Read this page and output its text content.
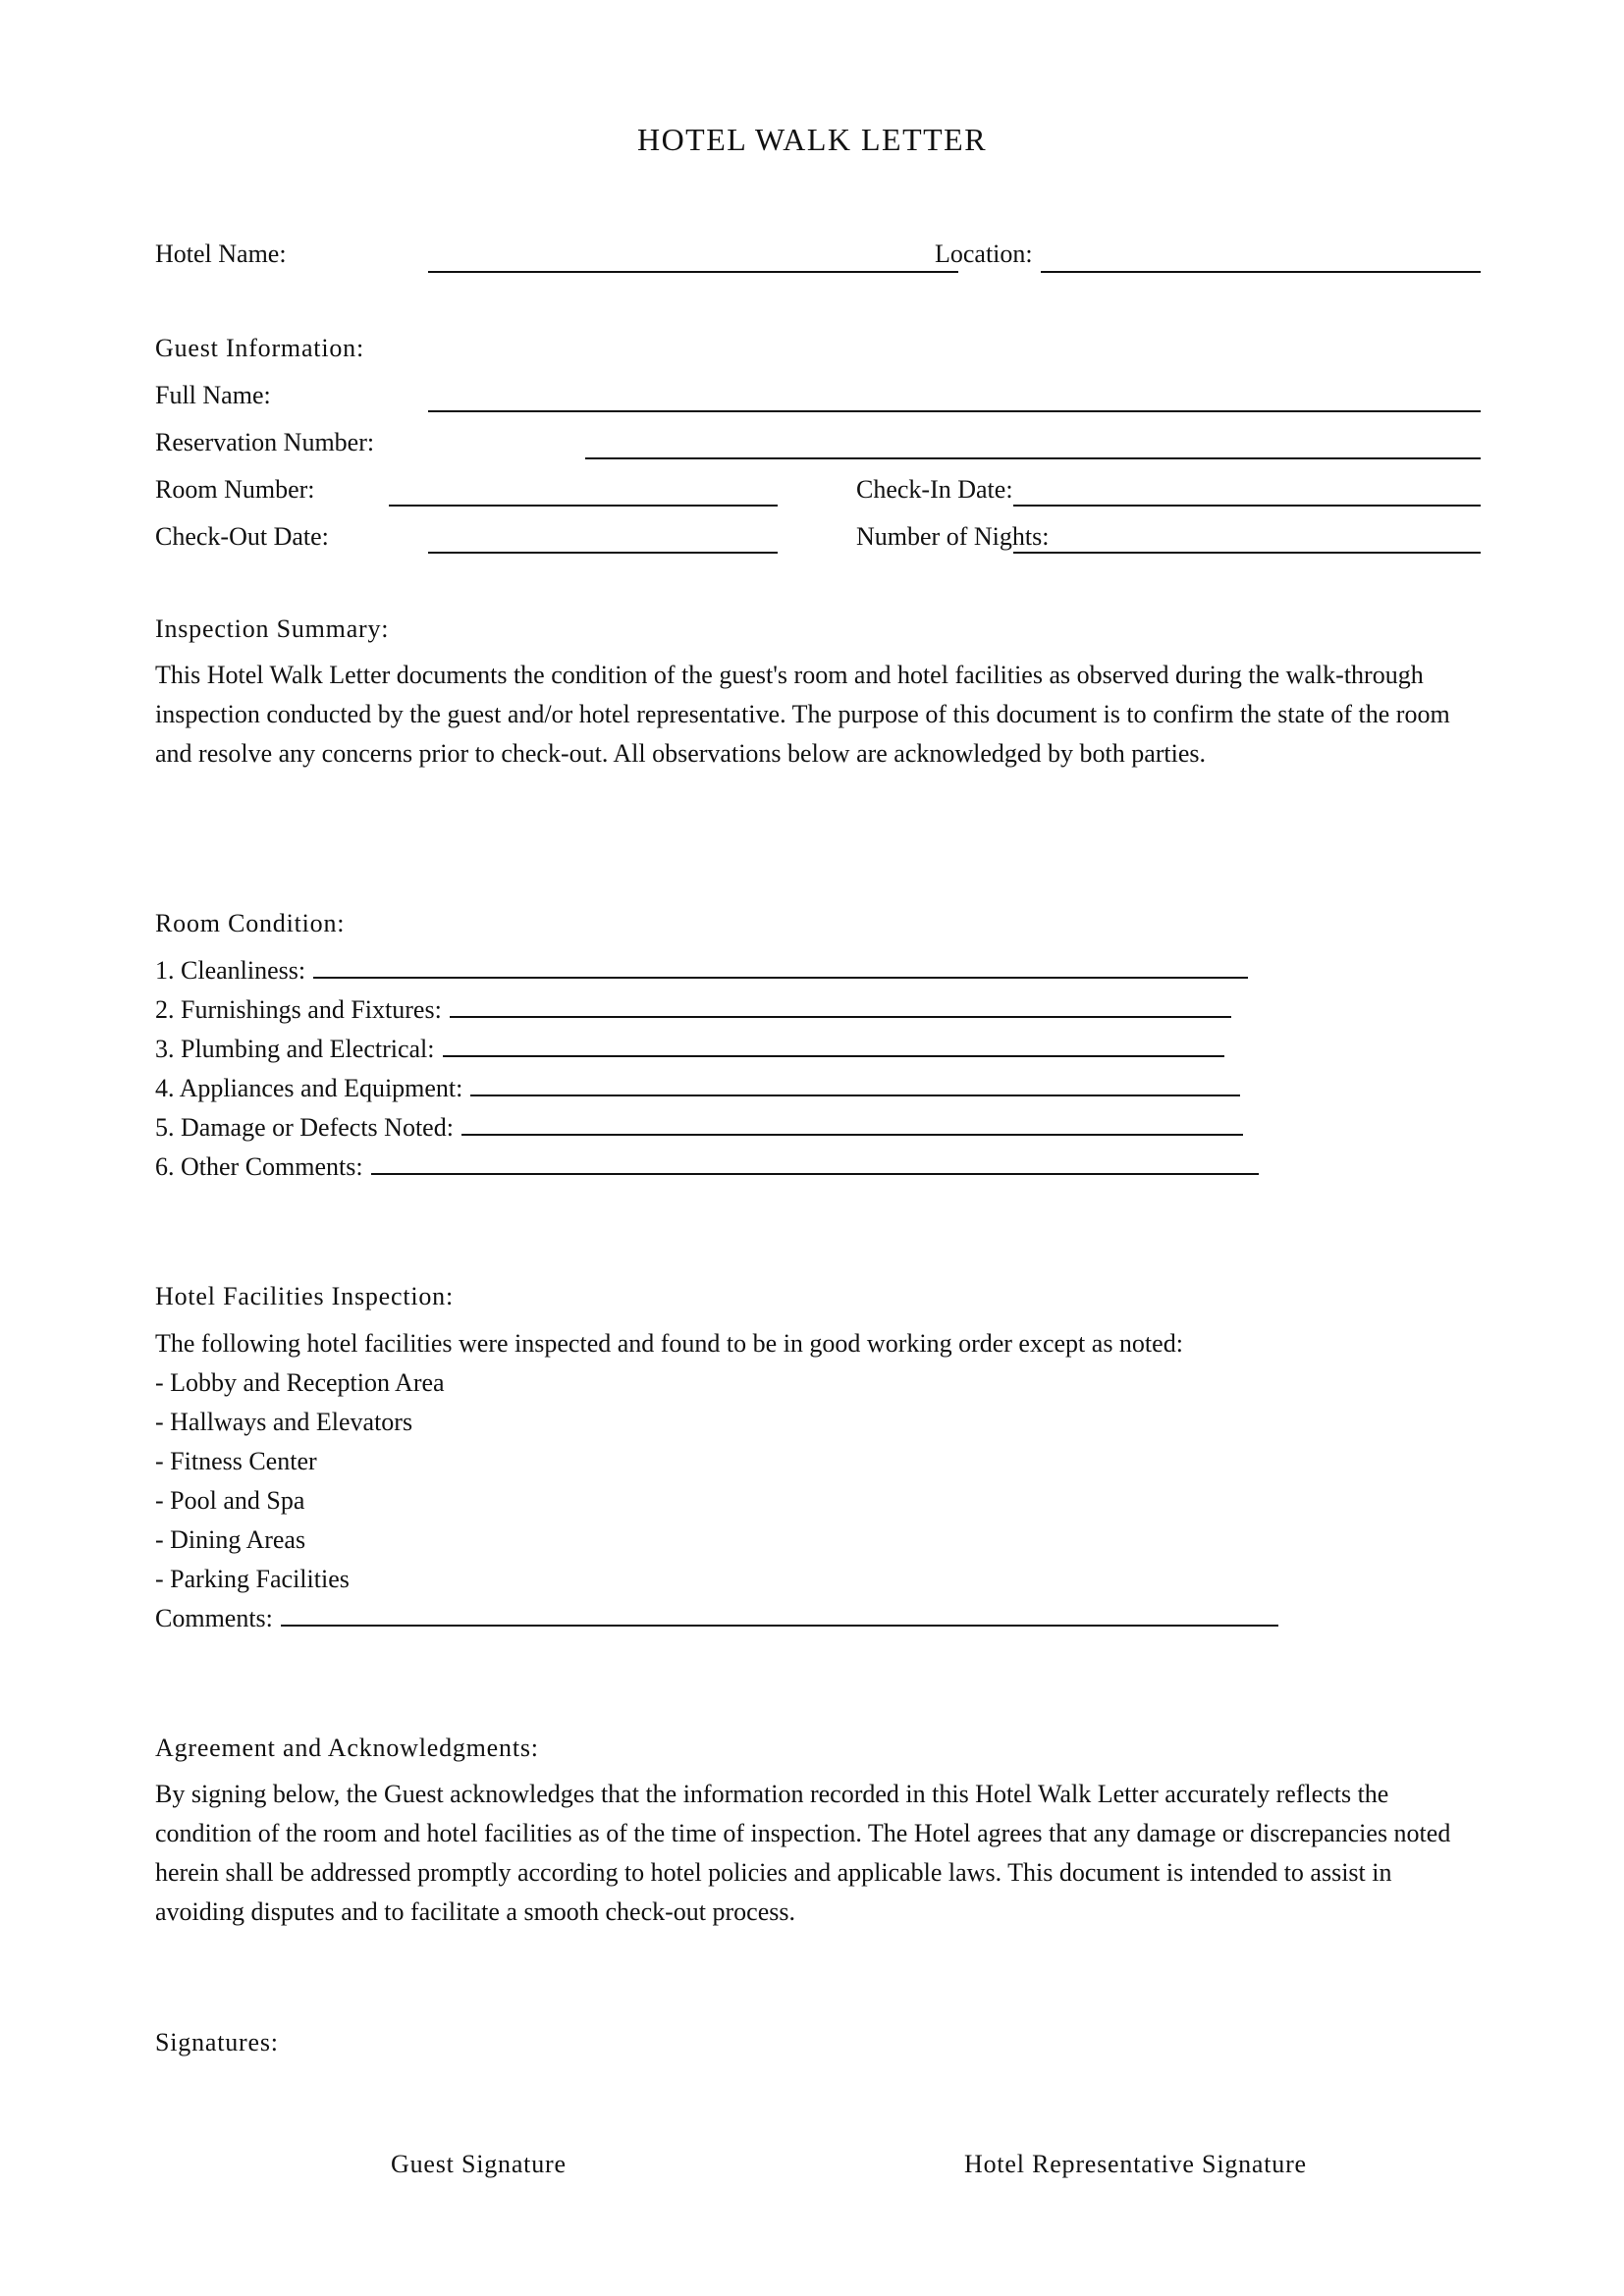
HOTEL WALK LETTER
Hotel Name:	Location:
Guest Information:
Full Name:
Reservation Number:
Room Number:	Check-In Date:
Check-Out Date:	Number of Nights:
Inspection Summary:
This Hotel Walk Letter documents the condition of the guest's room and hotel facilities as observed during the walk-through inspection conducted by the guest and/or hotel representative. The purpose of this document is to confirm the state of the room and resolve any concerns prior to check-out. All observations below are acknowledged by both parties.
Room Condition:
1. Cleanliness:
2. Furnishings and Fixtures:
3. Plumbing and Electrical:
4. Appliances and Equipment:
5. Damage or Defects Noted:
6. Other Comments:
Hotel Facilities Inspection:
The following hotel facilities were inspected and found to be in good working order except as noted:
- Lobby and Reception Area
- Hallways and Elevators
- Fitness Center
- Pool and Spa
- Dining Areas
- Parking Facilities
Comments:
Agreement and Acknowledgments:
By signing below, the Guest acknowledges that the information recorded in this Hotel Walk Letter accurately reflects the condition of the room and hotel facilities as of the time of inspection. The Hotel agrees that any damage or discrepancies noted herein shall be addressed promptly according to hotel policies and applicable laws. This document is intended to assist in avoiding disputes and to facilitate a smooth check-out process.
Signatures:
Guest Signature	Hotel Representative Signature
